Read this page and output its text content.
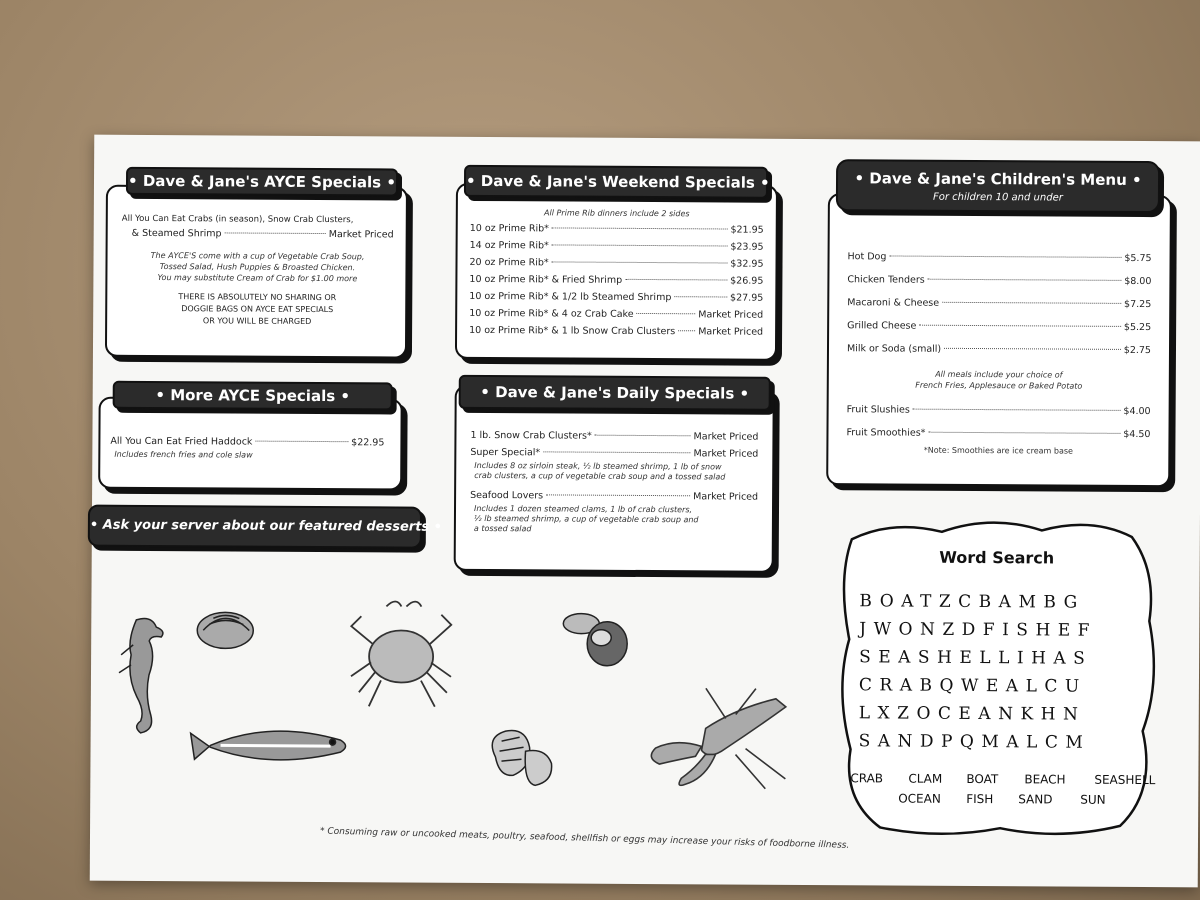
All You Can Eat Crabs (in season), Snow Crab Clusters,
& Steamed Shrimp	Market Priced
The AYCE'S come with a cup of Vegetable Crab Soup,
Tossed Salad, Hush Puppies & Broasted Chicken.
You may substitute Cream of Crab for $1.00 more
THERE IS ABSOLUTELY NO SHARING OR
DOGGIE BAGS ON AYCE EAT SPECIALS
OR YOU WILL BE CHARGED
• Dave & Jane's AYCE Specials •
All You Can Eat Fried Haddock	$22.95
Includes french fries and cole slaw
• More AYCE Specials •
• Ask your server about our featured desserts •
All Prime Rib dinners include 2 sides
10 oz Prime Rib*	$21.95
14 oz Prime Rib*	$23.95
20 oz Prime Rib*	$32.95
10 oz Prime Rib* & Fried Shrimp	$26.95
10 oz Prime Rib* & 1/2 lb Steamed Shrimp	$27.95
10 oz Prime Rib* & 4 oz Crab Cake	Market Priced
10 oz Prime Rib* & 1 lb Snow Crab Clusters Market Priced
• Dave & Jane's Weekend Specials •
1 lb. Snow Crab Clusters*	Market Priced
Super Special*	Market Priced
Includes 8 oz sirloin steak, ½ lb steamed shrimp, 1 lb of snow
crab clusters, a cup of vegetable crab soup and a tossed salad
Seafood Lovers	Market Priced
Includes 1 dozen steamed clams, 1 lb of crab clusters,
½ lb steamed shrimp, a cup of vegetable crab soup and
a tossed salad
• Dave & Jane's Daily Specials •
Hot Dog	$5.75
Chicken Tenders	$8.00
Macaroni & Cheese	$7.25
Grilled Cheese	$5.25
Milk or Soda (small)	$2.75
All meals include your choice of
French Fries, Applesauce or Baked Potato
Fruit Slushies	$4.00
Fruit Smoothies*	$4.50
*Note: Smoothies are ice cream base
• Dave & Jane's Children's Menu •
For children 10 and under
Word Search
BOATZCBAMBG
JWONZDFISHEF
SEASHELLIHAS
CRABQWEALCU
LXZOCEANKHN
SANDPQMALCM
CRAB CLAM BOAT BEACH SEASHELL
OCEAN FISH SAND SUN
* Consuming raw or uncooked meats, poultry, seafood, shellfish or eggs may increase your risks of foodborne illness.
